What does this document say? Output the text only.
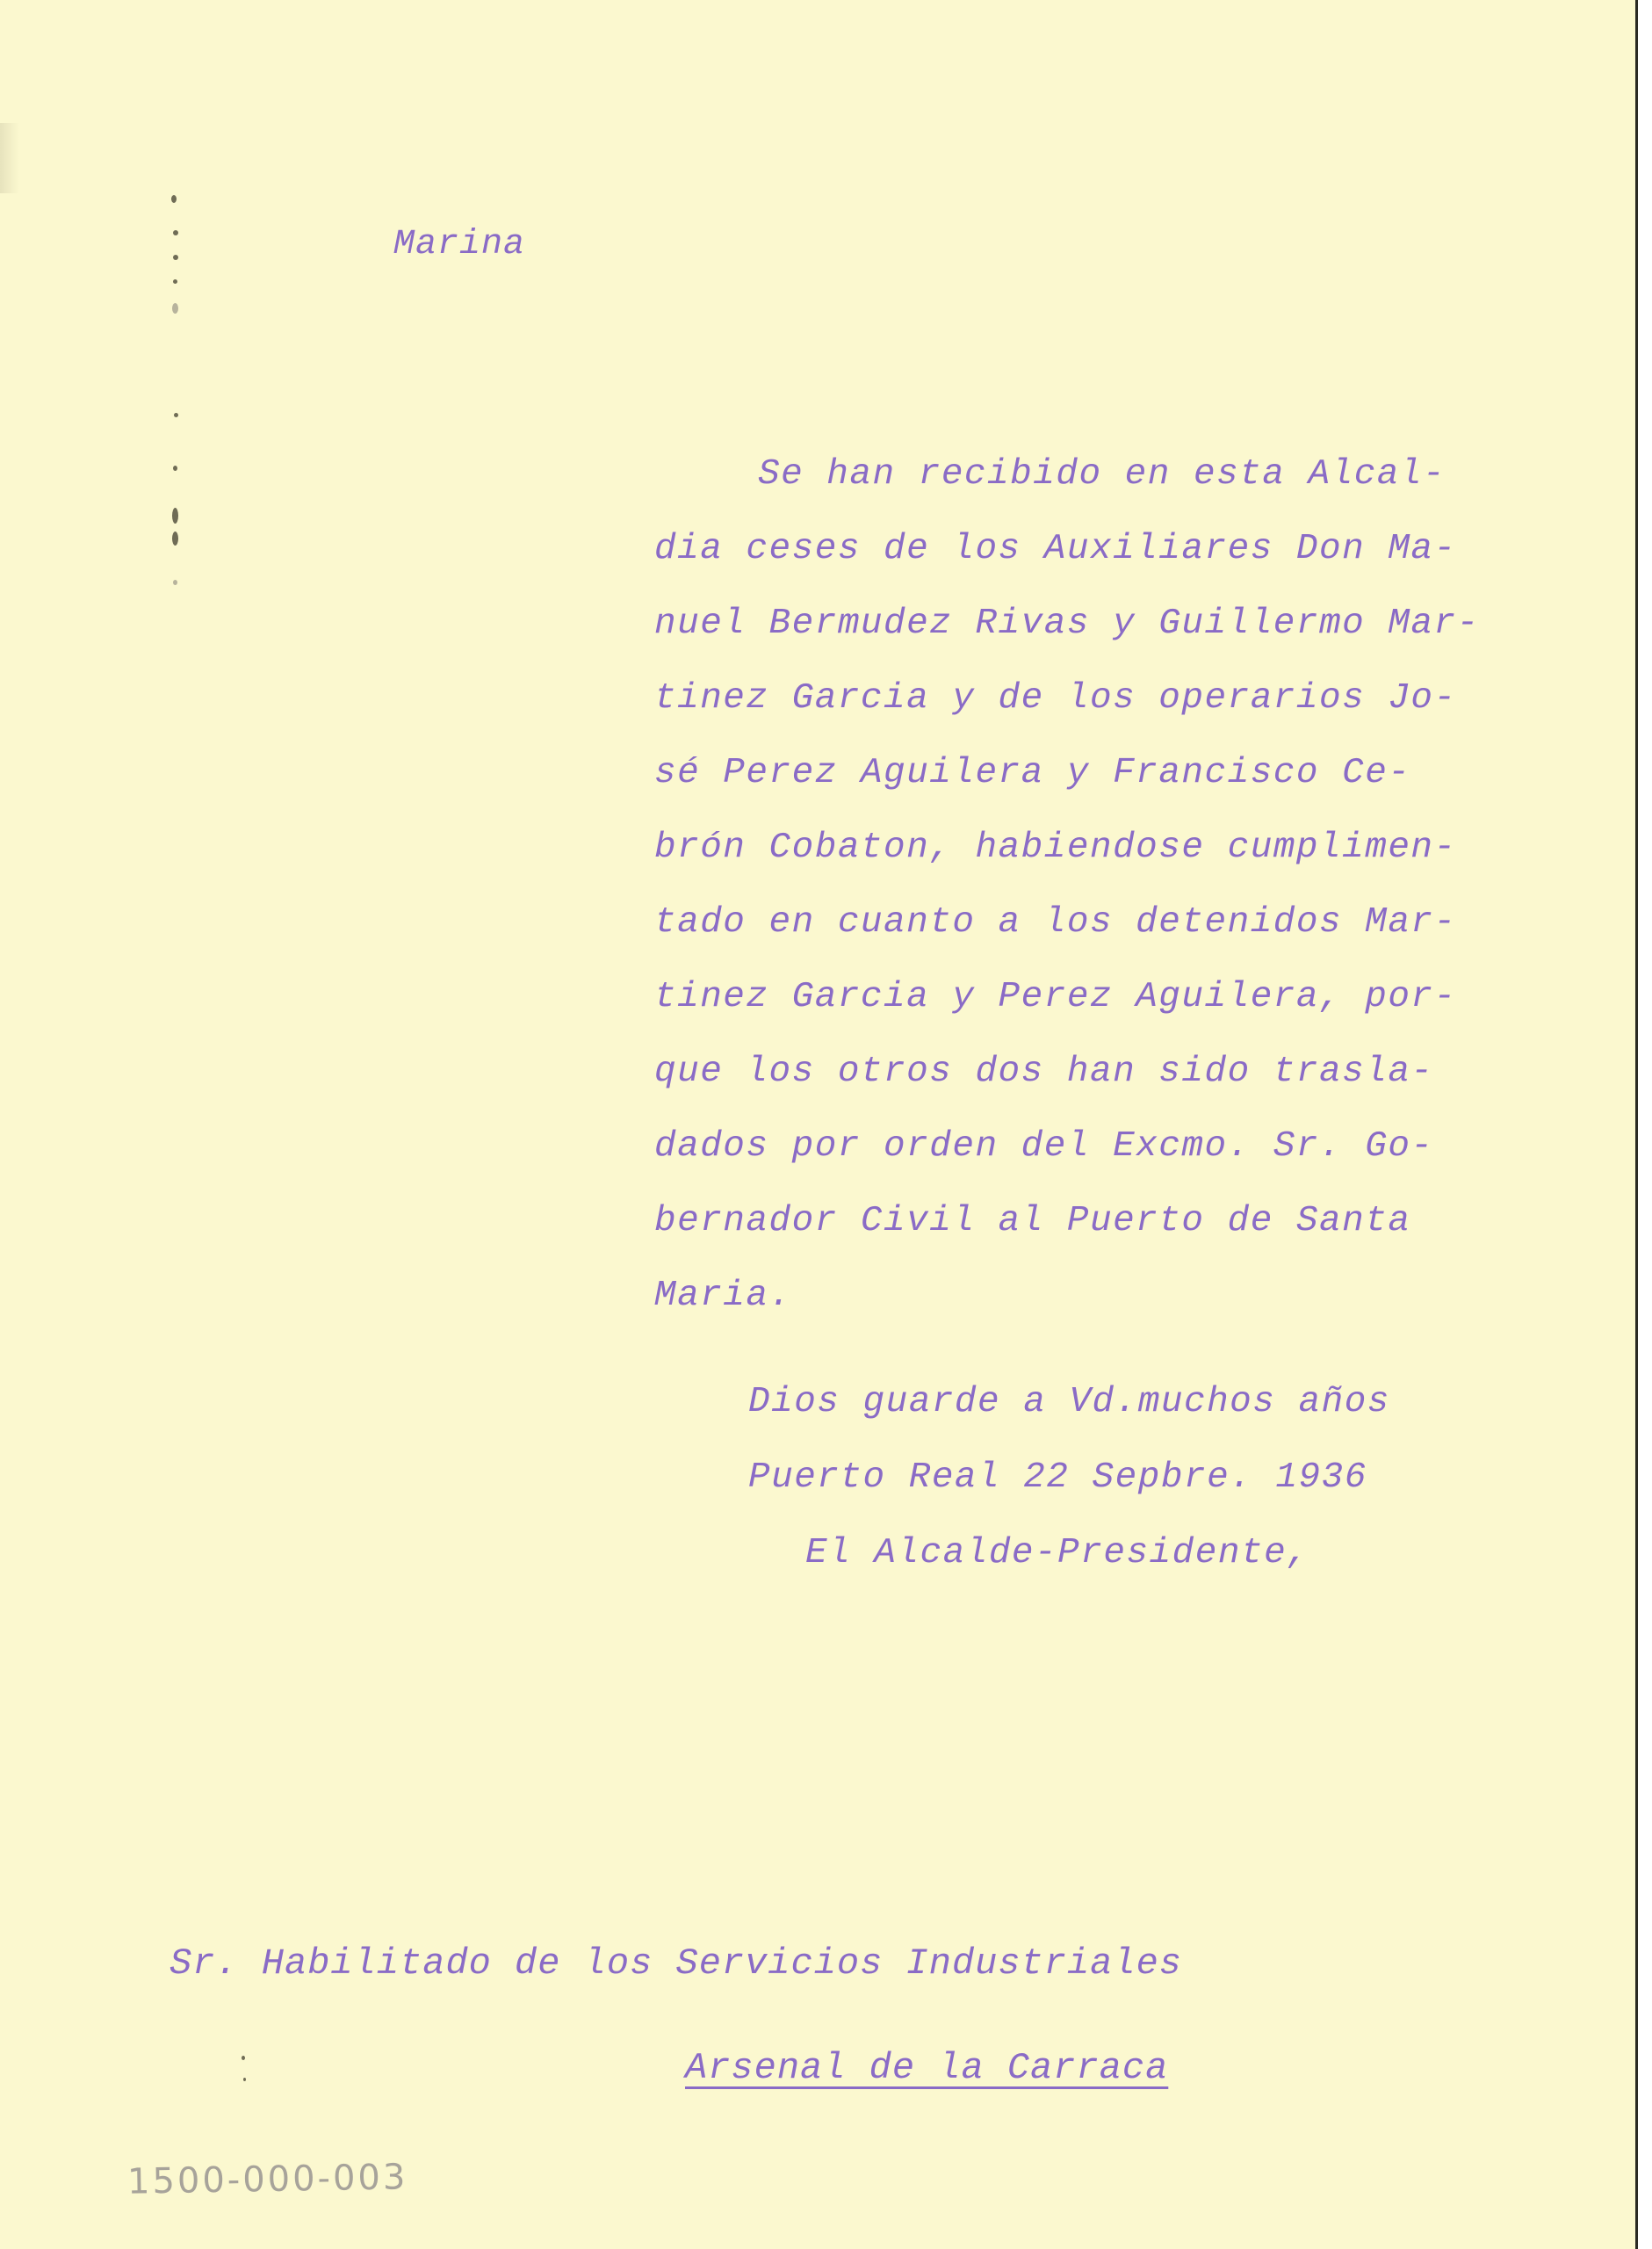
Marina

Se han recibido en esta Alcal-
dia ceses de los Auxiliares Don Ma-
nuel Bermudez Rivas y Guillermo Mar-
tinez Garcia y de los operarios Jo-
sé Perez Aguilera y Francisco Ce-
brón Cobaton, habiendose cumplimen-
tado en cuanto a los detenidos Mar-
tinez Garcia y Perez Aguilera, por-
que los otros dos han sido trasla-
dados por orden del Excmo. Sr. Go-
bernador Civil al Puerto de Santa
Maria.
Dios guarde a Vd.muchos años
Puerto Real 22 Sepbre. 1936
El Alcalde-Presidente,

Sr. Habilitado de los Servicios Industriales

Arsenal de la Carraca

1500-000-003
